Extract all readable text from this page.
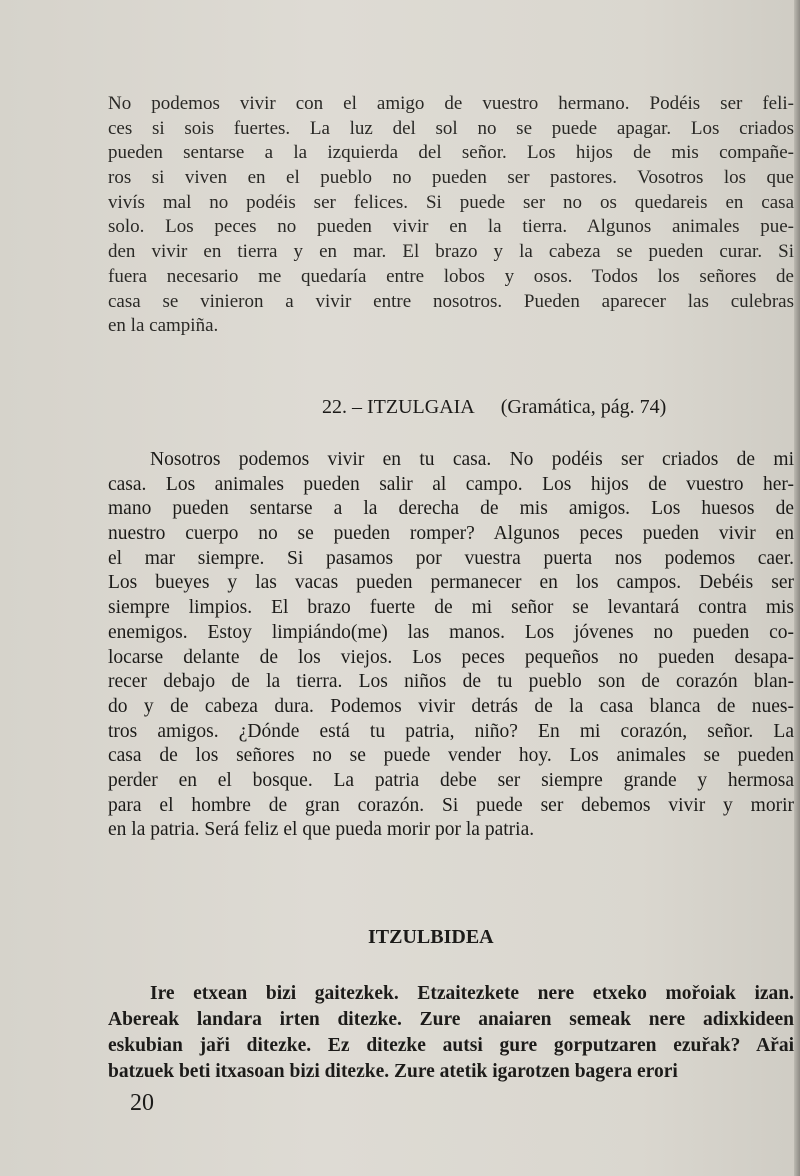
No podemos vivir con el amigo de vuestro hermano. Podéis ser feli-
ces si sois fuertes. La luz del sol no se puede apagar. Los criados
pueden sentarse a la izquierda del señor. Los hijos de mis compañe-
ros si viven en el pueblo no pueden ser pastores. Vosotros los que
vivís mal no podéis ser felices. Si puede ser no os quedareis en casa
solo. Los peces no pueden vivir en la tierra. Algunos animales pue-
den vivir en tierra y en mar. El brazo y la cabeza se pueden curar. Si
fuera necesario me quedaría entre lobos y osos. Todos los señores de
casa se vinieron a vivir entre nosotros. Pueden aparecer las culebras
en la campiña.
22. – ITZULGAIA (Gramática, pág. 74)
Nosotros podemos vivir en tu casa. No podéis ser criados de mi
casa. Los animales pueden salir al campo. Los hijos de vuestro her-
mano pueden sentarse a la derecha de mis amigos. Los huesos de
nuestro cuerpo no se pueden romper? Algunos peces pueden vivir en
el mar siempre. Si pasamos por vuestra puerta nos podemos caer.
Los bueyes y las vacas pueden permanecer en los campos. Debéis ser
siempre limpios. El brazo fuerte de mi señor se levantará contra mis
enemigos. Estoy limpiándo(me) las manos. Los jóvenes no pueden co-
locarse delante de los viejos. Los peces pequeños no pueden desapa-
recer debajo de la tierra. Los niños de tu pueblo son de corazón blan-
do y de cabeza dura. Podemos vivir detrás de la casa blanca de nues-
tros amigos. ¿Dónde está tu patria, niño? En mi corazón, señor. La
casa de los señores no se puede vender hoy. Los animales se pueden
perder en el bosque. La patria debe ser siempre grande y hermosa
para el hombre de gran corazón. Si puede ser debemos vivir y morir
en la patria. Será feliz el que pueda morir por la patria.
ITZULBIDEA
Ire etxean bizi gaitezkek. Etzaitezkete nere etxeko mořoiak izan.
Abereak landara irten ditezke. Zure anaiaren semeak nere adixkideen
eskubian jaři ditezke. Ez ditezke autsi gure gorputzaren ezuřak? Ařai
batzuek beti itxasoan bizi ditezke. Zure atetik igarotzen bagera erori
20
